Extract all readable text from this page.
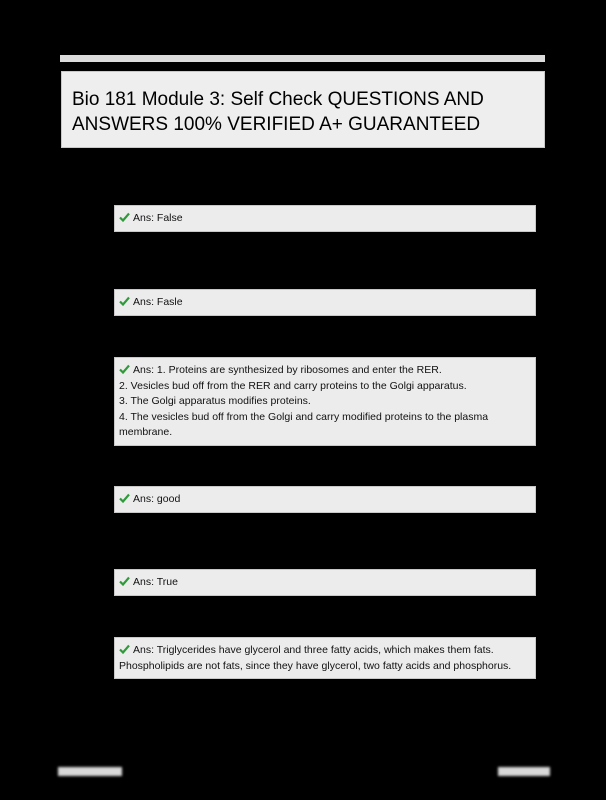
Bio 181 Module 3: Self Check QUESTIONS AND ANSWERS 100% VERIFIED A+ GUARANTEED
Ans: False
Ans: Fasle
Ans: 1. Proteins are synthesized by ribosomes and enter the RER.
2. Vesicles bud off from the RER and carry proteins to the Golgi apparatus.
3. The Golgi apparatus modifies proteins.
4. The vesicles bud off from the Golgi and carry modified proteins to the plasma membrane.
Ans: good
Ans: True
Ans: Triglycerides have glycerol and three fatty acids, which makes them fats. Phospholipids are not fats, since they have glycerol, two fatty acids and phosphorus.
